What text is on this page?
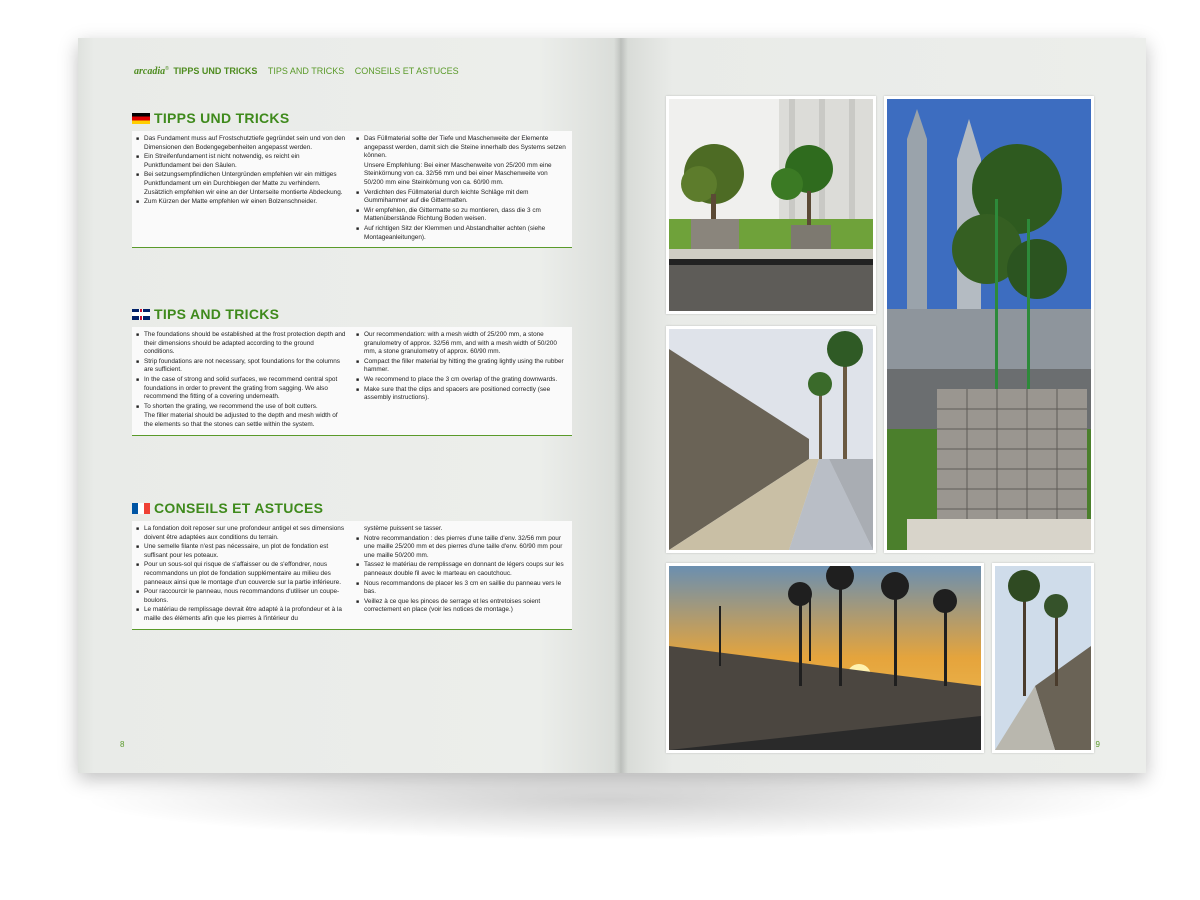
arcadia® TIPPS UND TRICKS TIPS AND TRICKS CONSEILS ET ASTUCES
TIPPS UND TRICKS
■ Das Fundament muss auf Frostschutztiefe gegründet sein und von den Dimensionen den Bodengegebenheiten angepasst werden.
■ Ein Streifenfundament ist nicht notwendig, es reicht ein Punktfundament bei den Säulen.
■ Bei setzungsempfindlichen Untergründen empfehlen wir ein mittiges Punktfundament um ein Durchbiegen der Matte zu verhindern. Zusätzlich empfehlen wir eine an der Unterseite montierte Abdeckung.
■ Zum Kürzen der Matte empfehlen wir einen Bolzenschneider.
■ Das Füllmaterial sollte der Tiefe und Maschenweite der Elemente angepasst werden, damit sich die Steine innerhalb des Systems setzen können.
Unsere Empfehlung: Bei einer Maschenweite von 25/200 mm eine Steinkörnung von ca. 32/56 mm und bei einer Maschenweite von 50/200 mm eine Steinkörnung von ca. 60/90 mm.
■ Verdichten des Füllmaterial durch leichte Schläge mit dem Gummihammer auf die Gittermatten.
■ Wir empfehlen, die Gittermatte so zu montieren, dass die 3 cm Mattenüberstände Richtung Boden weisen.
■ Auf richtigen Sitz der Klemmen und Abstandhalter achten (siehe Montageanleitungen).
TIPS AND TRICKS
■ The foundations should be established at the frost protection depth and their dimensions should be adapted according to the ground conditions.
■ Strip foundations are not necessary, spot foundations for the columns are sufficient.
■ In the case of strong and solid surfaces, we recommend central spot foundations in order to prevent the grating from sagging. We also recommend the fitting of a covering underneath.
■ To shorten the grating, we recommend the use of bolt cutters.
The filler material should be adjusted to the depth and mesh width of the elements so that the stones can settle within the system.
■ Our recommendation: with a mesh width of 25/200 mm, a stone granulometry of approx. 32/56 mm, and with a mesh width of 50/200 mm, a stone granulometry of approx. 60/90 mm.
■ Compact the filler material by hitting the grating lightly using the rubber hammer.
■ We recommend to place the 3 cm overlap of the grating downwards.
■ Make sure that the clips and spacers are positioned correctly (see assembly instructions).
CONSEILS ET ASTUCES
■ La fondation doit reposer sur une profondeur antigel et ses dimensions doivent être adaptées aux conditions du terrain.
■ Une semelle filante n'est pas nécessaire, un plot de fondation est suffisant pour les poteaux.
■ Pour un sous-sol qui risque de s'affaisser ou de s'effondrer, nous recommandons un plot de fondation supplémentaire au milieu des panneaux ainsi que le montage d'un couvercle sur la partie inférieure.
■ Pour raccourcir le panneau, nous recommandons d'utiliser un coupe-boulons.
■ Le matériau de remplissage devrait être adapté à la profondeur et à la maille des éléments afin que les pierres à l'intérieur du
système puissent se tasser.
■ Notre recommandation : des pierres d'une taille d'env. 32/56 mm pour une maille 25/200 mm et des pierres d'une taille d'env. 60/90 mm pour une maille 50/200 mm.
■ Tassez le matériau de remplissage en donnant de légers coups sur les panneaux double fil avec le marteau en caoutchouc.
■ Nous recommandons de placer les 3 cm en saillie du panneau vers le bas.
■ Veillez à ce que les pinces de serrage et les entretoises soient correctement en place (voir les notices de montage.)
8	9
